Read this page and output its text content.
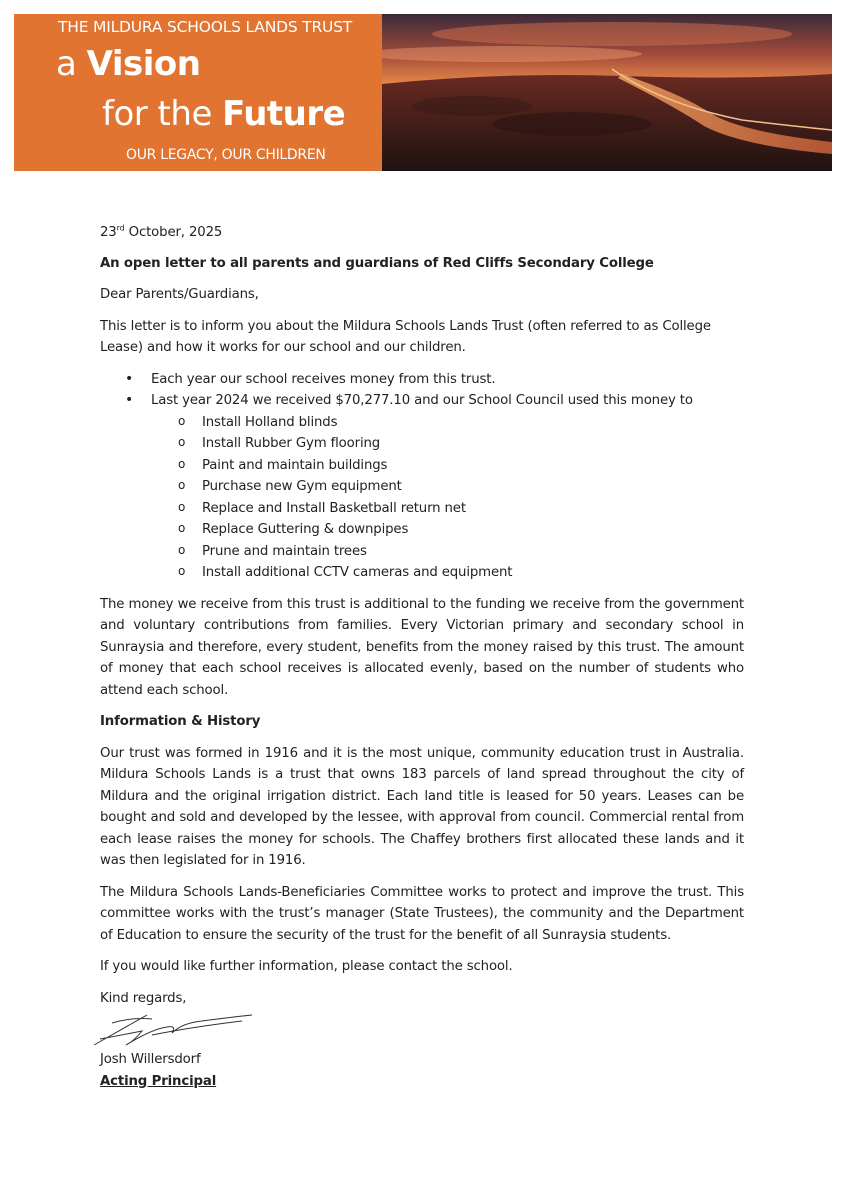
THE MILDURA SCHOOLS LANDS TRUST
a Vision
for the Future
OUR LEGACY, OUR CHILDREN

23rd October, 2025

An open letter to all parents and guardians of Red Cliffs Secondary College

Dear Parents/Guardians,

This letter is to inform you about the Mildura Schools Lands Trust (often referred to as College Lease) and how it works for our school and our children.

• Each year our school receives money from this trust.
• Last year 2024 we received $70,277.10 and our School Council used this money to
o Install Holland blinds
o Install Rubber Gym flooring
o Paint and maintain buildings
o Purchase new Gym equipment
o Replace and Install Basketball return net
o Replace Guttering & downpipes
o Prune and maintain trees
o Install additional CCTV cameras and equipment

The money we receive from this trust is additional to the funding we receive from the government and voluntary contributions from families. Every Victorian primary and secondary school in Sunraysia and therefore, every student, benefits from the money raised by this trust. The amount of money that each school receives is allocated evenly, based on the number of students who attend each school.

Information & History

Our trust was formed in 1916 and it is the most unique, community education trust in Australia. Mildura Schools Lands is a trust that owns 183 parcels of land spread throughout the city of Mildura and the original irrigation district. Each land title is leased for 50 years. Leases can be bought and sold and developed by the lessee, with approval from council. Commercial rental from each lease raises the money for schools. The Chaffey brothers first allocated these lands and it was then legislated for in 1916.

The Mildura Schools Lands-Beneficiaries Committee works to protect and improve the trust. This committee works with the trust’s manager (State Trustees), the community and the Department of Education to ensure the security of the trust for the benefit of all Sunraysia students.

If you would like further information, please contact the school.

Kind regards,

Josh Willersdorf

Acting Principal
